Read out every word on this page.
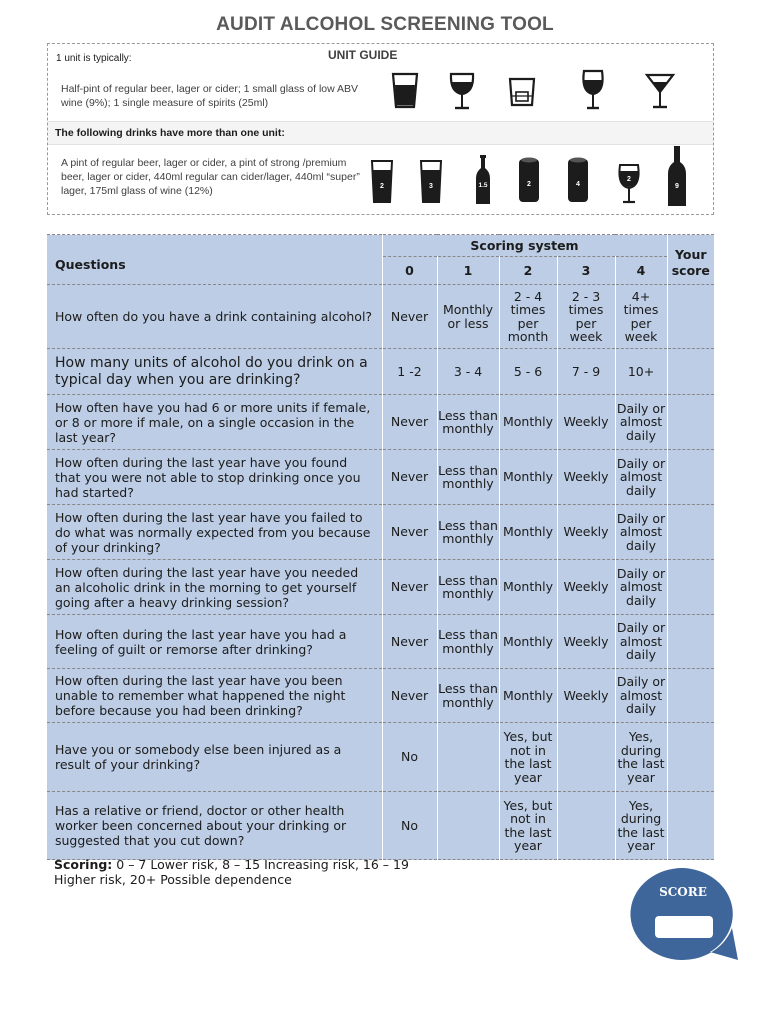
AUDIT ALCOHOL SCREENING TOOL
1 unit is typically:	UNIT GUIDE
Half-pint of regular beer, lager or cider; 1 small glass of low ABV wine (9%); 1 single measure of spirits (25ml)
The following drinks have more than one unit:
A pint of regular beer, lager or cider, a pint of strong /premium beer, lager or cider, 440ml regular can cider/lager, 440ml “super” lager, 175ml glass of wine (12%)	2	3	1.5	2	4
2
9
Questions	Scoring system					Your
score
	0	1	2	3	4	
How often do you have a drink containing alcohol?	Never	Monthly or less	2 - 4 times per month	2 - 3 times per week	4+ times per week	
How many units of alcohol do you drink on a typical day when you are drinking?	1 -2	3 - 4	5 - 6	7 - 9	10+	
How often have you had 6 or more units if female, or 8 or more if male, on a single occasion in the last year?	Never	Less than monthly	Monthly	Weekly	Daily or almost daily	
How often during the last year have you found that you were not able to stop drinking once you had started?	Never	Less than monthly	Monthly	Weekly	Daily or almost daily	
How often during the last year have you failed to do what was normally expected from you because of your drinking?	Never	Less than monthly	Monthly	Weekly	Daily or almost daily	
How often during the last year have you needed an alcoholic drink in the morning to get yourself going after a heavy drinking session?	Never	Less than monthly	Monthly	Weekly	Daily or almost daily	
How often during the last year have you had a feeling of guilt or remorse after drinking?	Never	Less than monthly	Monthly	Weekly	Daily or almost daily	
How often during the last year have you been unable to remember what happened the night before because you had been drinking?	Never	Less than monthly	Monthly	Weekly	Daily or almost daily	
Have you or somebody else been injured as a result of your drinking?	No		Yes, but not in the last year		Yes, during the last year	
Has a relative or friend, doctor or other health worker been concerned about your drinking or suggested that you cut down?	No		Yes, but not in the last year		Yes, during the last year	
Scoring: 0 – 7 Lower risk, 8 – 15 Increasing risk, 16 – 19 Higher risk, 20+ Possible dependence
SCORE
